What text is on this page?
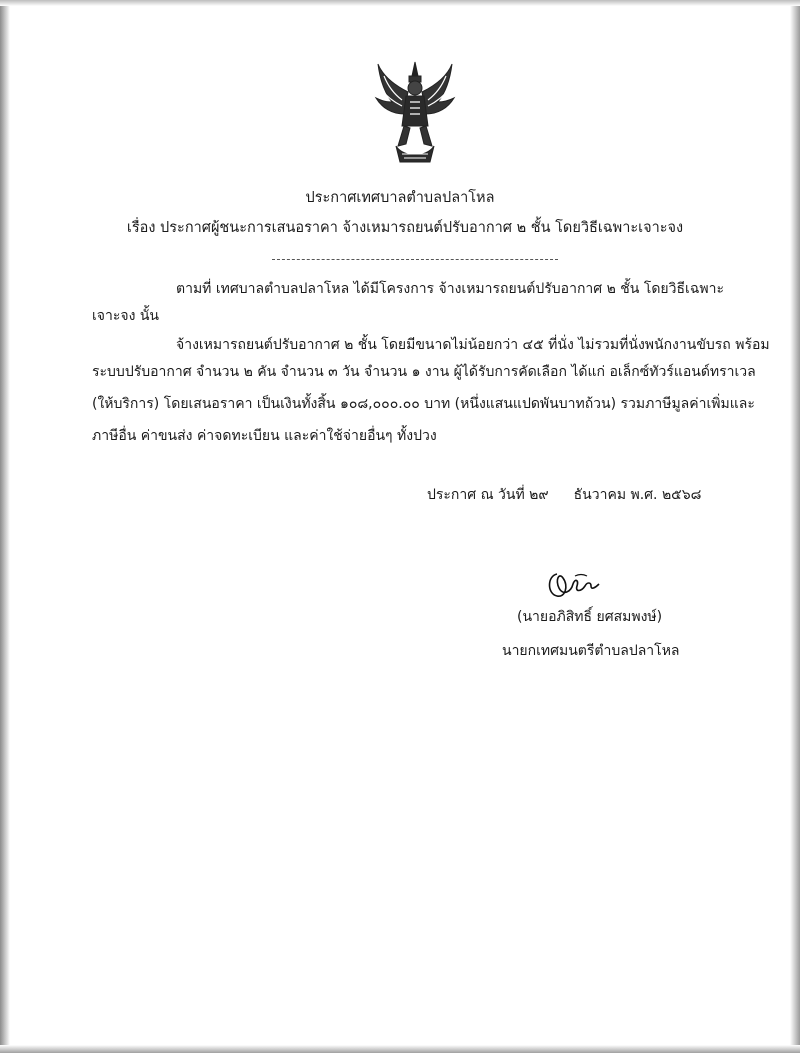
ประกาศเทศบาลตำบลปลาโหล
เรื่อง ประกาศผู้ชนะการเสนอราคา จ้างเหมารถยนต์ปรับอากาศ ๒ ชั้น โดยวิธีเฉพาะเจาะจง
ตามที่ เทศบาลตำบลปลาโหล ได้มีโครงการ จ้างเหมารถยนต์ปรับอากาศ ๒ ชั้น โดยวิธีเฉพาะ
เจาะจง นั้น
จ้างเหมารถยนต์ปรับอากาศ ๒ ชั้น โดยมีขนาดไม่น้อยกว่า ๔๕ ที่นั่ง ไม่รวมที่นั่งพนักงานขับรถ พร้อม
ระบบปรับอากาศ จำนวน ๒ คัน จำนวน ๓ วัน จำนวน ๑ งาน ผู้ได้รับการคัดเลือก ได้แก่ อเล็กซ์ทัวร์แอนด์ทราเวล
(ให้บริการ) โดยเสนอราคา เป็นเงินทั้งสิ้น ๑๐๘,๐๐๐.๐๐ บาท (หนึ่งแสนแปดพันบาทถ้วน) รวมภาษีมูลค่าเพิ่มและ
ภาษีอื่น ค่าขนส่ง ค่าจดทะเบียน และค่าใช้จ่ายอื่นๆ ทั้งปวง
ประกาศ ณ วันที่ ๒๙ ธันวาคม พ.ศ. ๒๕๖๘
(นายอภิสิทธิ์ ยศสมพงษ์)
นายกเทศมนตรีตำบลปลาโหล
